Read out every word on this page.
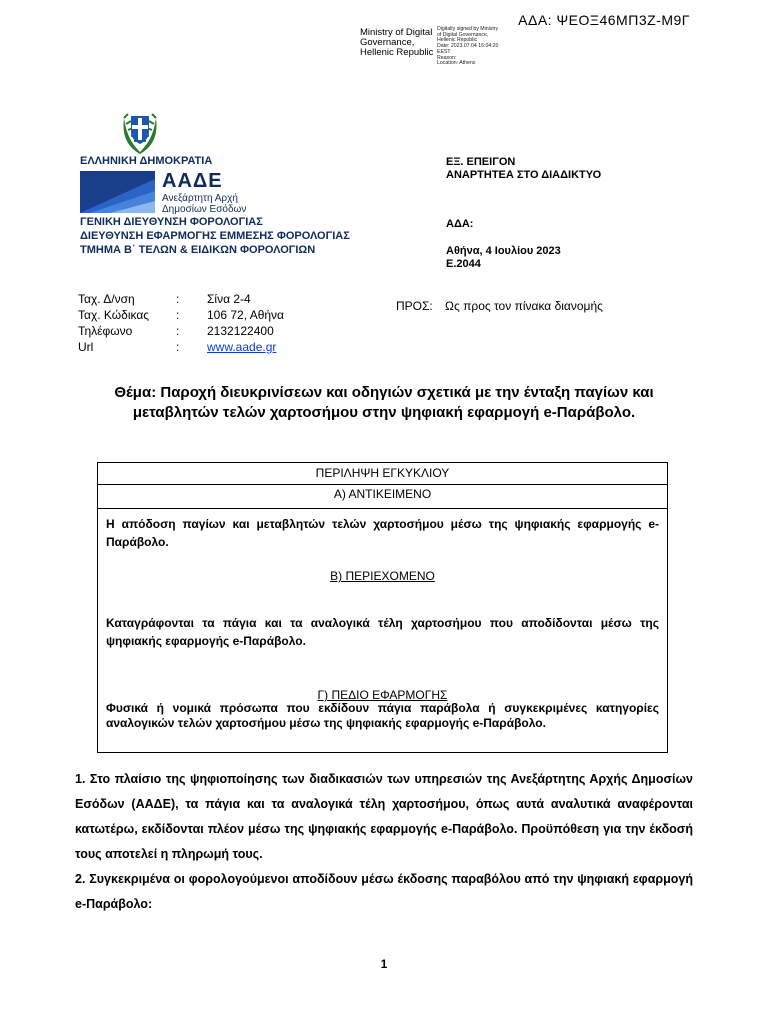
ΑΔΑ: ΨΕΟΞ46ΜΠ3Ζ-Μ9Γ
Ministry of Digital
Governance,
Hellenic Republic
Digitally signed by Ministry
of Digital Governance,
Hellenic Republic
Date: 2023.07.04 16:04:20
EEST
Reason:
Location: Athens
ΕΛΛΗΝΙΚΗ ΔΗΜΟΚΡΑΤΙΑ
ΑΑΔΕ
Ανεξάρτητη Αρχή
Δημοσίων Εσόδων
ΓΕΝΙΚΗ ΔΙΕΥΘΥΝΣΗ ΦΟΡΟΛΟΓΙΑΣ
ΔΙΕΥΘΥΝΣΗ ΕΦΑΡΜΟΓΗΣ ΕΜΜΕΣΗΣ ΦΟΡΟΛΟΓΙΑΣ
ΤΜΗΜΑ Β΄ ΤΕΛΩΝ & ΕΙΔΙΚΩΝ ΦΟΡΟΛΟΓΙΩΝ
ΕΞ. ΕΠΕΙΓΟΝ
ΑΝΑΡΤΗΤΕΑ ΣΤΟ ΔΙΑΔΙΚΤΥΟ
ΑΔΑ:
Αθήνα, 4 Ιουλίου 2023
Ε.2044
Ταχ. Δ/νση	:	Σίνα 2-4
Ταχ. Κώδικας	:	106 72, Αθήνα
Τηλέφωνο	:	2132122400
Url	:	www.aade.gr
ΠΡΟΣ: Ως προς τον πίνακα διανομής
Θέμα: Παροχή διευκρινίσεων και οδηγιών σχετικά με την ένταξη παγίων και
μεταβλητών τελών χαρτοσήμου στην ψηφιακή εφαρμογή e-Παράβολο.
ΠΕΡΙΛΗΨΗ ΕΓΚΥΚΛΙΟΥ
Α) ΑΝΤΙΚΕΙΜΕΝΟ
Η απόδοση παγίων και μεταβλητών τελών χαρτοσήμου μέσω της ψηφιακής εφαρμογής e-Παράβολο.
Β) ΠΕΡΙΕΧΟΜΕΝΟ
Καταγράφονται τα πάγια και τα αναλογικά τέλη χαρτοσήμου που αποδίδονται μέσω της ψηφιακής εφαρμογής e-Παράβολο.
Γ) ΠΕΔΙΟ ΕΦΑΡΜΟΓΗΣ
Φυσικά ή νομικά πρόσωπα που εκδίδουν πάγια παράβολα ή συγκεκριμένες κατηγορίες αναλογικών τελών χαρτοσήμου μέσω της ψηφιακής εφαρμογής e-Παράβολο.
1. Στο πλαίσιο της ψηφιοποίησης των διαδικασιών των υπηρεσιών της Ανεξάρτητης Αρχής Δημοσίων Εσόδων (ΑΑΔΕ), τα πάγια και τα αναλογικά τέλη χαρτοσήμου, όπως αυτά αναλυτικά αναφέρονται κατωτέρω, εκδίδονται πλέον μέσω της ψηφιακής εφαρμογής e-Παράβολο. Προϋπόθεση για την έκδοσή τους αποτελεί η πληρωμή τους.
2. Συγκεκριμένα οι φορολογούμενοι αποδίδουν μέσω έκδοσης παραβόλου από την ψηφιακή εφαρμογή e-Παράβολο:
1
